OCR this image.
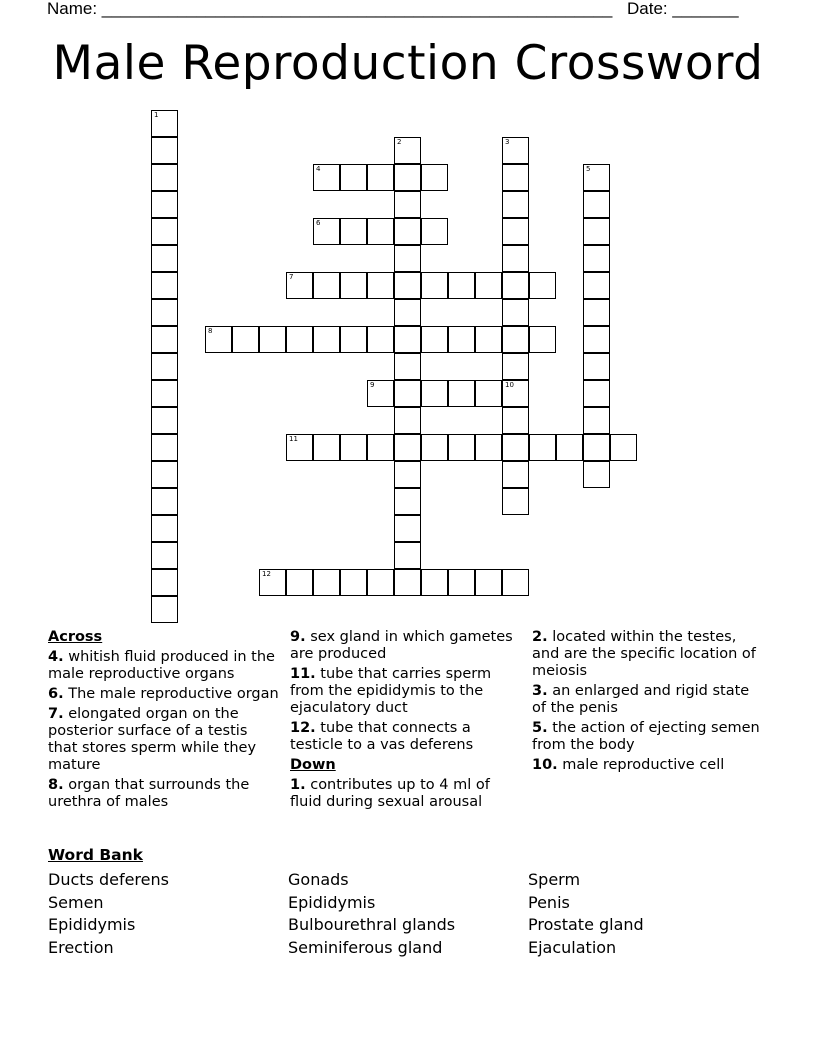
Name: ______________________________________________________ Date: _______
Male Reproduction Crossword
4
6
7
8
9
11
12
1
2	3
5
10
Across
4. whitish fluid produced in the male reproductive organs
6. The male reproductive organ
7. elongated organ on the posterior surface of a testis that stores sperm while they mature
8. organ that surrounds the urethra of males
9. sex gland in which gametes are produced
11. tube that carries sperm from the epididymis to the ejaculatory duct
12. tube that connects a testicle to a vas deferens
Down
1. contributes up to 4 ml of fluid during sexual arousal
2. located within the testes, and are the specific location of meiosis
3. an enlarged and rigid state of the penis
5. the action of ejecting semen from the body
10. male reproductive cell
Word Bank
Ducts deferens
Semen
Epididymis
Erection
Gonads
Epididymis
Bulbourethral glands
Seminiferous gland
Sperm
Penis
Prostate gland
Ejaculation
